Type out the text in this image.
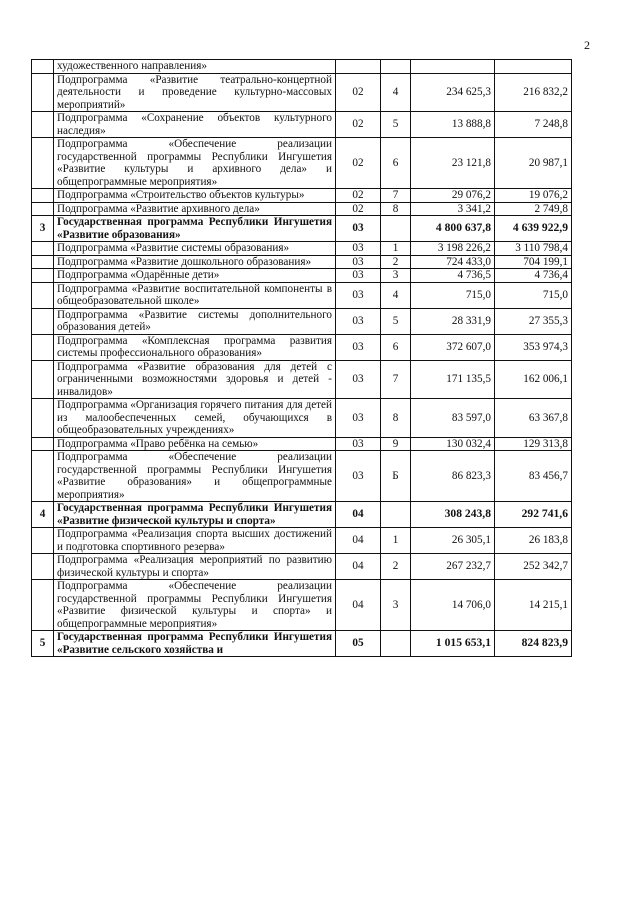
2
	художественного направления»				
	Подпрограмма «Развитие театрально-концертной деятельности и проведение культурно-массовых мероприятий»	02	4	234 625,3	216 832,2
	Подпрограмма «Сохранение объектов культурного наследия»	02	5	13 888,8	7 248,8
	Подпрограмма «Обеспечение реализации государственной программы Республики Ингушетия «Развитие культуры и архивного дела» и общепрограммные мероприятия»	02	6	23 121,8	20 987,1
	Подпрограмма «Строительство объектов культуры»	02	7	29 076,2	19 076,2
	Подпрограмма «Развитие архивного дела»	02	8	3 341,2	2 749,8
3	Государственная программа Республики Ингушетия «Развитие образования»	03		4 800 637,8	4 639 922,9
	Подпрограмма «Развитие системы образования»	03	1	3 198 226,2	3 110 798,4
	Подпрограмма «Развитие дошкольного образования»	03	2	724 433,0	704 199,1
	Подпрограмма «Одарённые дети»	03	3	4 736,5	4 736,4
	Подпрограмма «Развитие воспитательной компоненты в общеобразовательной школе»	03	4	715,0	715,0
	Подпрограмма «Развитие системы дополнительного образования детей»	03	5	28 331,9	27 355,3
	Подпрограмма «Комплексная программа развития системы профессионального образования»	03	6	372 607,0	353 974,3
	Подпрограмма «Развитие образования для детей с ограниченными возможностями здоровья и детей - инвалидов»	03	7	171 135,5	162 006,1
	Подпрограмма «Организация горячего питания для детей из малообеспеченных семей, обучающихся в общеобразовательных учреждениях»	03	8	83 597,0	63 367,8
	Подпрограмма «Право ребёнка на семью»	03	9	130 032,4	129 313,8
	Подпрограмма «Обеспечение реализации государственной программы Республики Ингушетия «Развитие образования» и общепрограммные мероприятия»	03	Б	86 823,3	83 456,7
4	Государственная программа Республики Ингушетия «Развитие физической культуры и спорта»	04		308 243,8	292 741,6
	Подпрограмма «Реализация спорта высших достижений и подготовка спортивного резерва»	04	1	26 305,1	26 183,8
	Подпрограмма «Реализация мероприятий по развитию физической культуры и спорта»	04	2	267 232,7	252 342,7
	Подпрограмма «Обеспечение реализации государственной программы Республики Ингушетия «Развитие физической культуры и спорта» и общепрограммные мероприятия»	04	3	14 706,0	14 215,1
5	Государственная программа Республики Ингушетия «Развитие сельского хозяйства и	05		1 015 653,1	824 823,9
